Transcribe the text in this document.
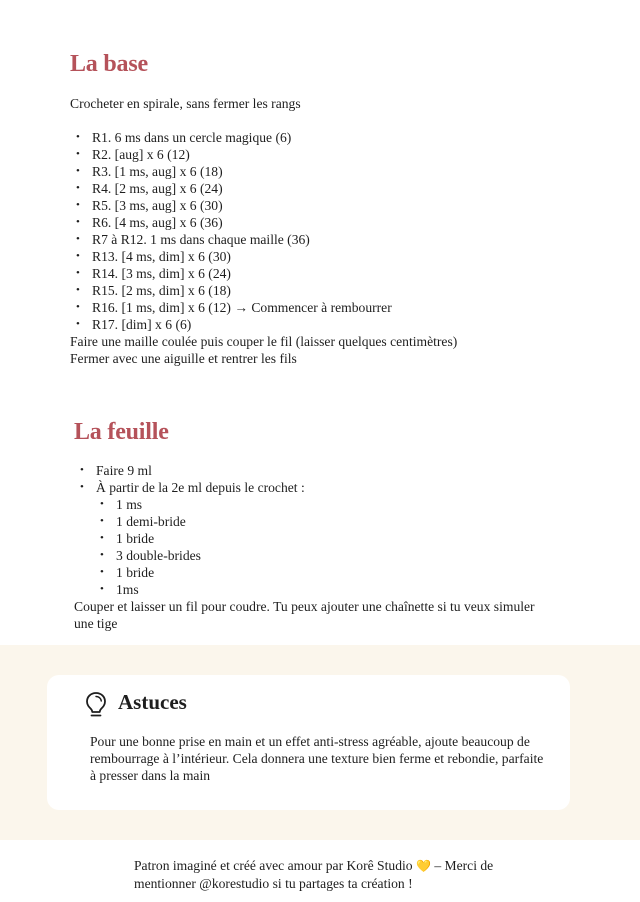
La base

Crocheter en spirale, sans fermer les rangs

• R1. 6 ms dans un cercle magique (6)
• R2. [aug] x 6 (12)
• R3. [1 ms, aug] x 6 (18)
• R4. [2 ms, aug] x 6 (24)
• R5. [3 ms, aug] x 6 (30)
• R6. [4 ms, aug] x 6 (36)
• R7 à R12. 1 ms dans chaque maille (36)
• R13. [4 ms, dim] x 6 (30)
• R14. [3 ms, dim] x 6 (24)
• R15. [2 ms, dim] x 6 (18)
• R16. [1 ms, dim] x 6 (12) → Commencer à rembourrer
• R17. [dim] x 6 (6)

Faire une maille coulée puis couper le fil (laisser quelques centimètres)

Fermer avec une aiguille et rentrer les fils

La feuille
• Faire 9 ml
• À partir de la 2e ml depuis le crochet :
• 1 ms
• 1 demi-bride
• 1 bride
• 3 double-brides
• 1 bride
• 1ms

Couper et laisser un fil pour coudre. Tu peux ajouter une chaînette si tu veux simuler une tige

Astuces

Pour une bonne prise en main et un effet anti-stress agréable, ajoute beaucoup de rembourrage à l’intérieur. Cela donnera une texture bien ferme et rebondie, parfaite à presser dans la main

Patron imaginé et créé avec amour par Korê Studio 💛 – Merci de mentionner @korestudio si tu partages ta création !
